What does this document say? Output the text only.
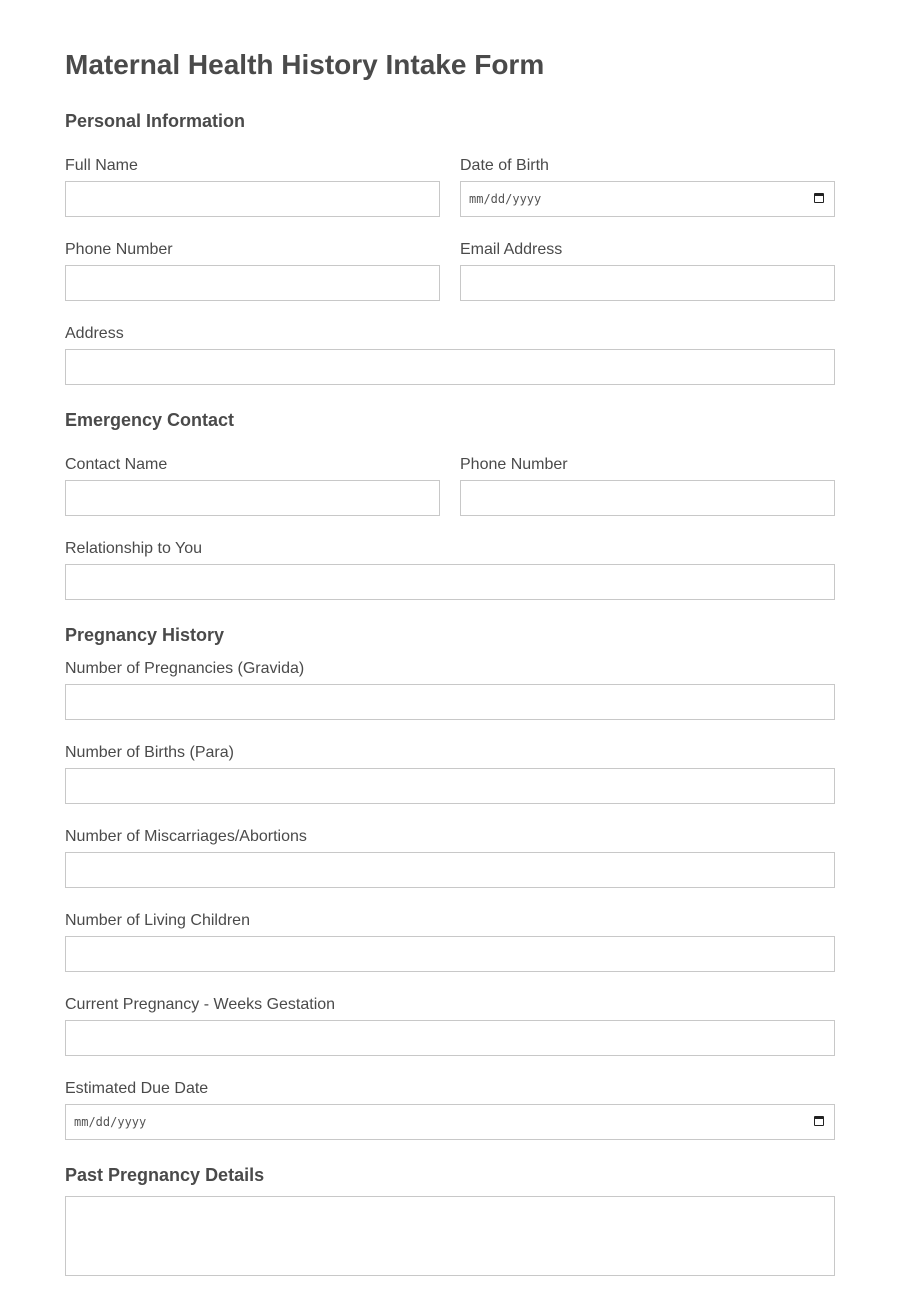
Maternal Health History Intake Form
Personal Information
Full Name	Date of Birth
mm/dd/yyyy
Phone Number	Email Address
Address
Emergency Contact
Contact Name	Phone Number
Relationship to You
Pregnancy History
Number of Pregnancies (Gravida)
Number of Births (Para)
Number of Miscarriages/Abortions
Number of Living Children
Current Pregnancy - Weeks Gestation
Estimated Due Date
mm/dd/yyyy
Past Pregnancy Details
